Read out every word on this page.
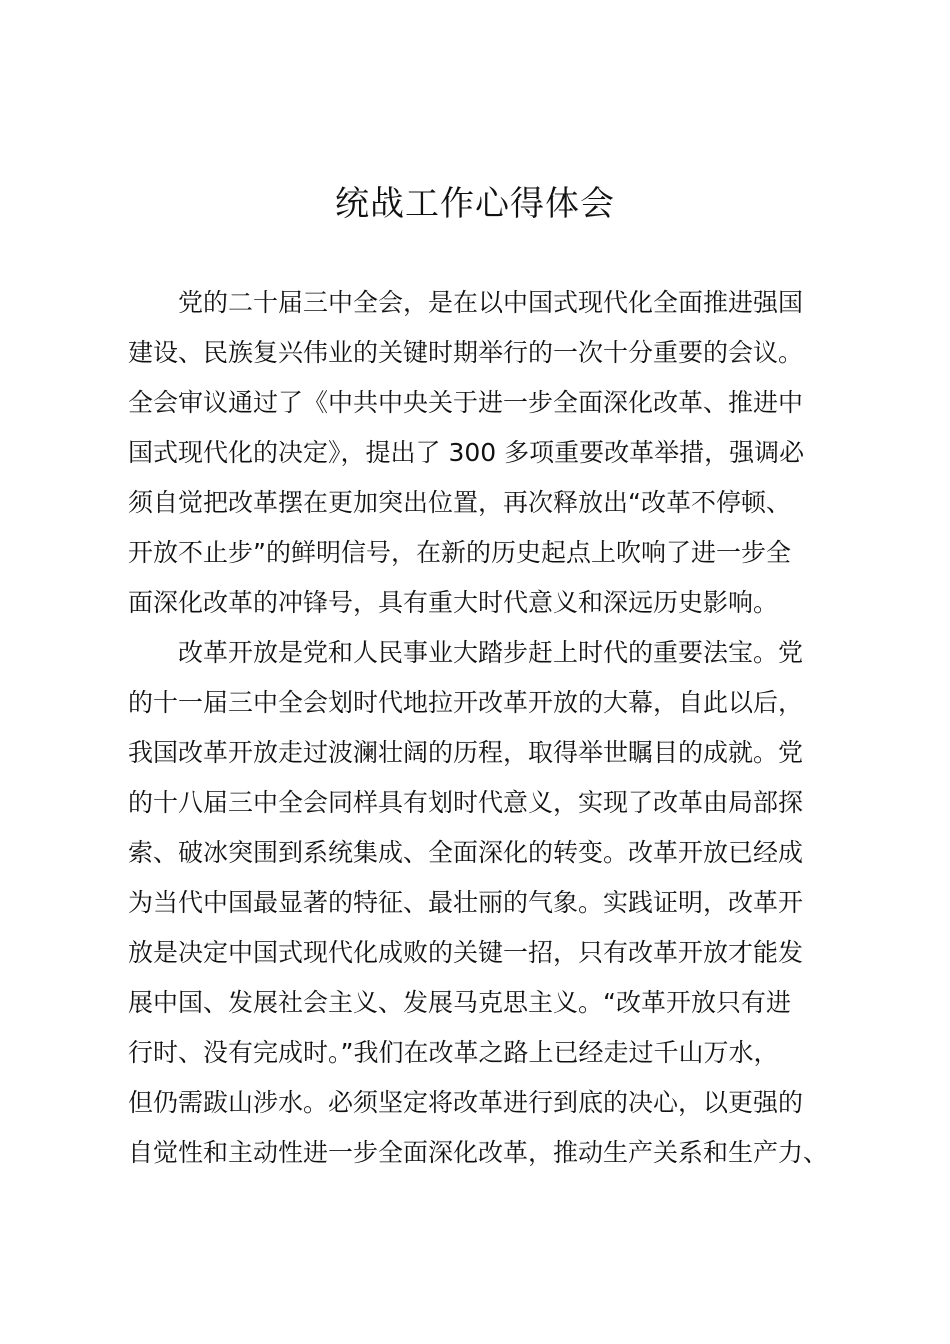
统战工作心得体会
党的二十届三中全会，是在以中国式现代化全面推进强国
建设、民族复兴伟业的关键时期举行的一次十分重要的会议。
全会审议通过了《中共中央关于进一步全面深化改革、推进中
国式现代化的决定》，提出了 300 多项重要改革举措，强调必
须自觉把改革摆在更加突出位置，再次释放出“改革不停顿、
开放不止步”的鲜明信号，在新的历史起点上吹响了进一步全
面深化改革的冲锋号，具有重大时代意义和深远历史影响。
改革开放是党和人民事业大踏步赶上时代的重要法宝。党
的十一届三中全会划时代地拉开改革开放的大幕，自此以后，
我国改革开放走过波澜壮阔的历程，取得举世瞩目的成就。党
的十八届三中全会同样具有划时代意义，实现了改革由局部探
索、破冰突围到系统集成、全面深化的转变。改革开放已经成
为当代中国最显著的特征、最壮丽的气象。实践证明，改革开
放是决定中国式现代化成败的关键一招，只有改革开放才能发
展中国、发展社会主义、发展马克思主义。“改革开放只有进
行时、没有完成时。”我们在改革之路上已经走过千山万水，
但仍需跋山涉水。必须坚定将改革进行到底的决心，以更强的
自觉性和主动性进一步全面深化改革，推动生产关系和生产力、
